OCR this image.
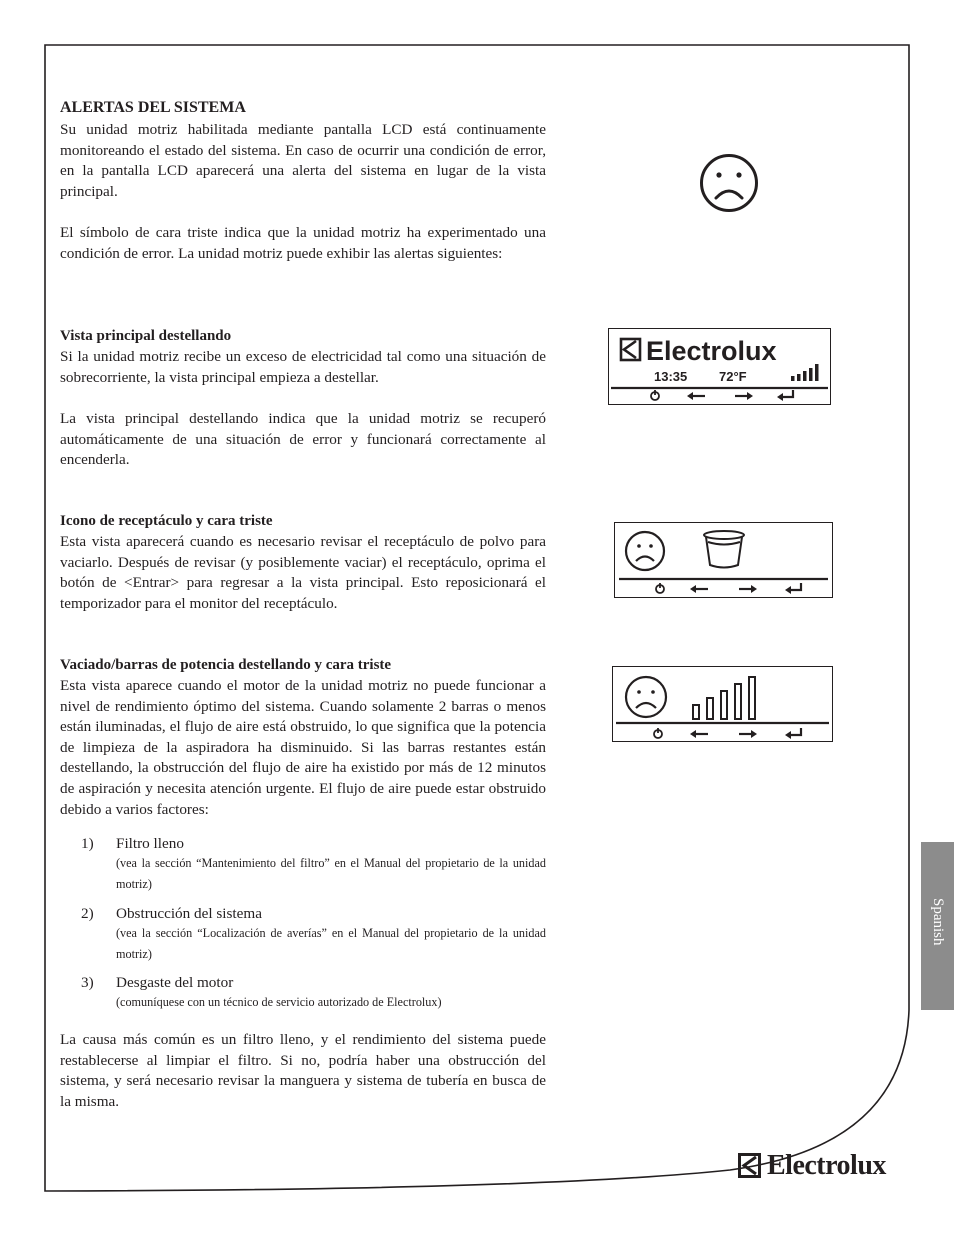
ALERTAS DEL SISTEMA
Su unidad motriz habilitada mediante pantalla LCD está continuamente monitoreando el estado del sistema. En caso de ocurrir una condición de error, en la pantalla LCD aparecerá una alerta del sistema en lugar de la vista principal.
El símbolo de cara triste indica que la unidad motriz ha experimentado una condición de error. La unidad motriz puede exhibir las alertas siguientes:
Vista principal destellando
Si la unidad motriz recibe un exceso de electricidad tal como una situación de sobrecorriente, la vista principal empieza a destellar.
La vista principal destellando indica que la unidad motriz se recuperó automáticamente de una situación de error y funcionará correctamente al encenderla.
Electrolux
13:35 72°F
Icono de receptáculo y cara triste
Esta vista aparecerá cuando es necesario revisar el receptáculo de polvo para vaciarlo. Después de revisar (y posiblemente vaciar) el receptáculo, oprima el botón de <Entrar> para regresar a la vista principal. Esto reposicionará el temporizador para el monitor del receptáculo.
Vaciado/barras de potencia destellando y cara triste
Esta vista aparece cuando el motor de la unidad motriz no puede funcionar a nivel de rendimiento óptimo del sistema. Cuando solamente 2 barras o menos están iluminadas, el flujo de aire está obstruido, lo que significa que la potencia de limpieza de la aspiradora ha disminuido. Si las barras restantes están destellando, la obstrucción del flujo de aire ha existido por más de 12 minutos de aspiración y necesita atención urgente. El flujo de aire puede estar obstruido debido a varios factores:
1) Filtro lleno
(vea la sección “Mantenimiento del filtro” en el Manual del propietario de la unidad motriz)
2) Obstrucción del sistema
(vea la sección “Localización de averías” en el Manual del propietario de la unidad motriz)
3) Desgaste del motor
(comuníquese con un técnico de servicio autorizado de Electrolux)
La causa más común es un filtro lleno, y el rendimiento del sistema puede restablecerse al limpiar el filtro. Si no, podría haber una obstrucción del sistema, y será necesario revisar la manguera y sistema de tubería en busca de la misma.
Spanish
Electrolux
